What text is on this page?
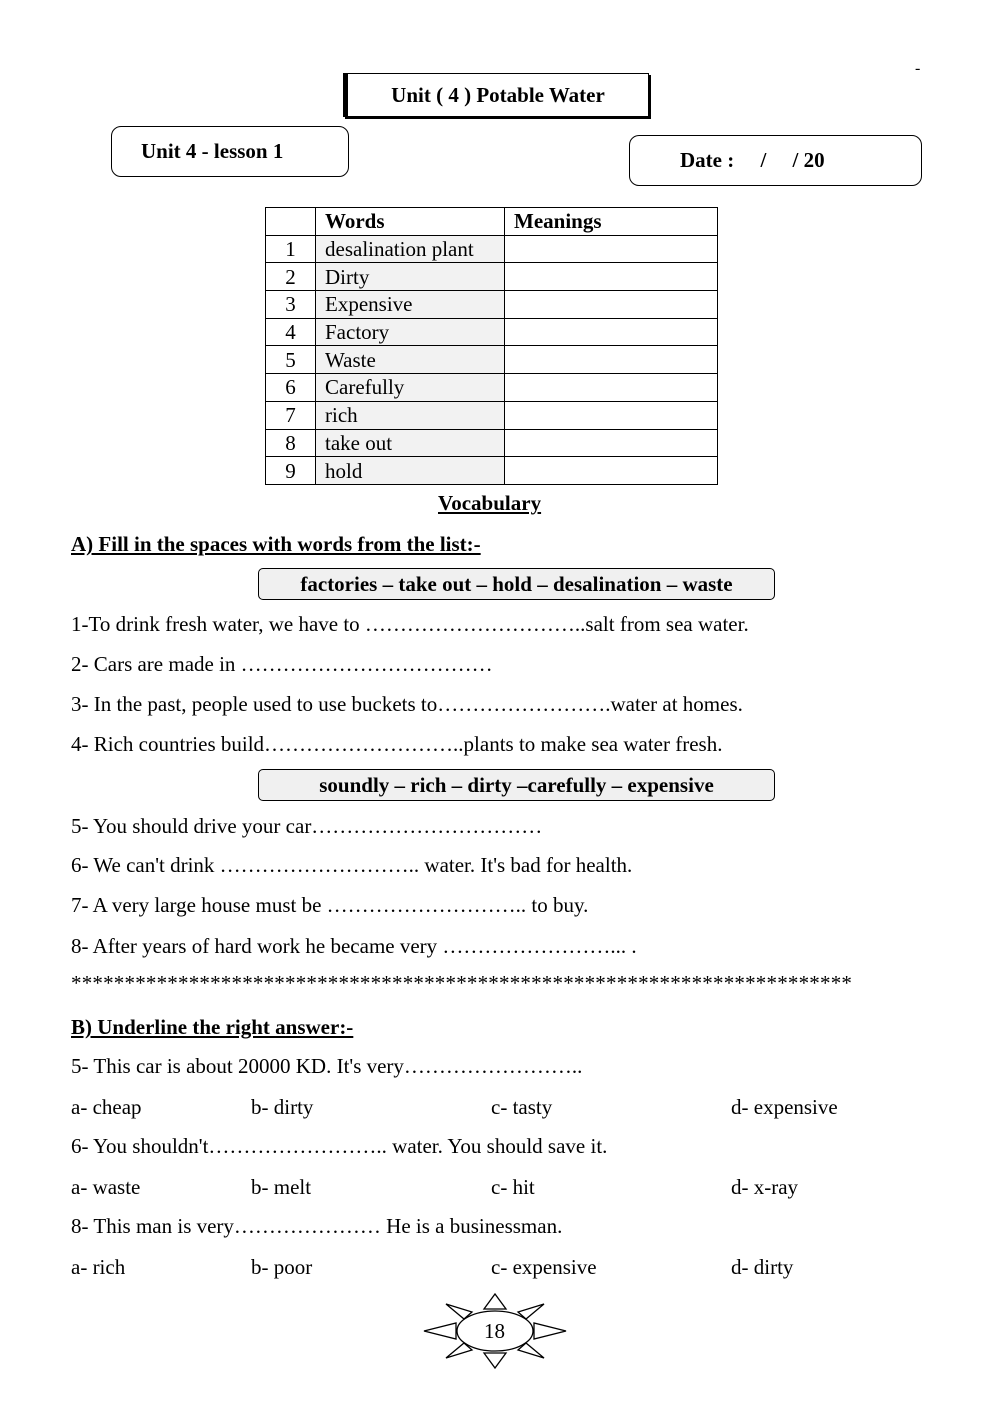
-
Unit ( 4 ) Potable Water
Unit 4 - lesson 1	Date :     /     / 20
	Words	Meanings
1	desalination plant	
2	Dirty	
3	Expensive	
4	Factory	
5	Waste	
6	Carefully	
7	rich	
8	take out	
9	hold	
Vocabulary
A) Fill in the spaces with words from the list:-
factories – take out – hold – desalination – waste
1-To drink fresh water, we have to …………………………..salt from sea water.
2- Cars are made in ………………………………
3- In the past, people used to use buckets to…………………….water at homes.
4- Rich countries build………………………..plants to make sea water fresh.
soundly – rich – dirty –carefully – expensive
5- You should drive your car……………………………
6- We can't drink ……………………….. water. It's bad for health.
7- A very large house must be ……………………….. to buy.
8- After years of hard work he became very ……………………... .
*************************************************************************
B) Underline the right answer:-
5- This car is about 20000 KD. It's very……………………..
a- cheap	b- dirty	c- tasty	d- expensive
6- You shouldn't…………………….. water. You should save it.
a- waste	b- melt	c- hit	d- x-ray
8- This man is very………………… He is a businessman.
a- rich	b- poor	c- expensive	d- dirty
18
